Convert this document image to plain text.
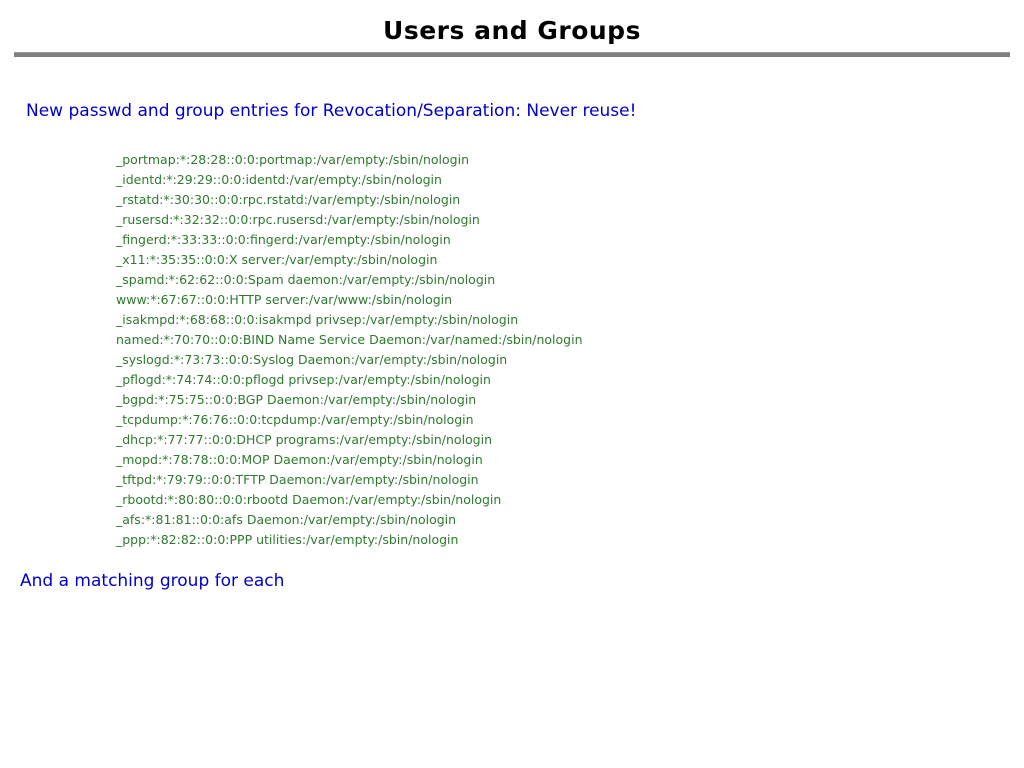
Users and Groups
New passwd and group entries for Revocation/Separation: Never reuse!
_portmap:*:28:28::0:0:portmap:/var/empty:/sbin/nologin
_identd:*:29:29::0:0:identd:/var/empty:/sbin/nologin
_rstatd:*:30:30::0:0:rpc.rstatd:/var/empty:/sbin/nologin
_rusersd:*:32:32::0:0:rpc.rusersd:/var/empty:/sbin/nologin
_fingerd:*:33:33::0:0:fingerd:/var/empty:/sbin/nologin
_x11:*:35:35::0:0:X server:/var/empty:/sbin/nologin
_spamd:*:62:62::0:0:Spam daemon:/var/empty:/sbin/nologin
www:*:67:67::0:0:HTTP server:/var/www:/sbin/nologin
_isakmpd:*:68:68::0:0:isakmpd privsep:/var/empty:/sbin/nologin
named:*:70:70::0:0:BIND Name Service Daemon:/var/named:/sbin/nologin
_syslogd:*:73:73::0:0:Syslog Daemon:/var/empty:/sbin/nologin
_pflogd:*:74:74::0:0:pflogd privsep:/var/empty:/sbin/nologin
_bgpd:*:75:75::0:0:BGP Daemon:/var/empty:/sbin/nologin
_tcpdump:*:76:76::0:0:tcpdump:/var/empty:/sbin/nologin
_dhcp:*:77:77::0:0:DHCP programs:/var/empty:/sbin/nologin
_mopd:*:78:78::0:0:MOP Daemon:/var/empty:/sbin/nologin
_tftpd:*:79:79::0:0:TFTP Daemon:/var/empty:/sbin/nologin
_rbootd:*:80:80::0:0:rbootd Daemon:/var/empty:/sbin/nologin
_afs:*:81:81::0:0:afs Daemon:/var/empty:/sbin/nologin
_ppp:*:82:82::0:0:PPP utilities:/var/empty:/sbin/nologin
And a matching group for each
